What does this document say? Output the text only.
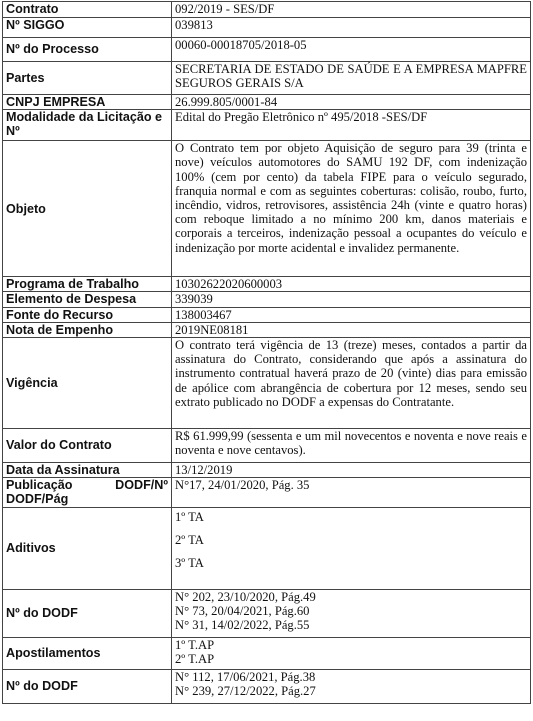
Contrato	092/2019 - SES/DF
Nº SIGGO	039813
Nº do Processo	00060-00018705/2018-05
Partes	SECRETARIA DE ESTADO DE SAÚDE E A EMPRESA MAPFRE SEGUROS GERAIS S/A
CNPJ EMPRESA	26.999.805/0001-84
Modalidade da Licitação e Nº	Edital do Pregão Eletrônico nº 495/2018 -SES/DF
Objeto	O Contrato tem por objeto Aquisição de seguro para 39 (trinta e nove) veículos automotores do SAMU 192 DF, com indenização 100% (cem por cento) da tabela FIPE para o veículo segurado, franquia normal e com as seguintes coberturas: colisão, roubo, furto, incêndio, vidros, retrovisores, assistência 24h (vinte e quatro horas) com reboque limitado a no mínimo 200 km, danos materiais e corporais a terceiros, indenização pessoal a ocupantes do veículo e indenização por morte acidental e invalidez permanente.
Programa de Trabalho	10302622020600003
Elemento de Despesa	339039
Fonte do Recurso	138003467
Nota de Empenho	2019NE08181
Vigência	O contrato terá vigência de 13 (treze) meses, contados a partir da assinatura do Contrato, considerando que após a assinatura do instrumento contratual haverá prazo de 20 (vinte) dias para emissão de apólice com abrangência de cobertura por 12 meses, sendo seu extrato publicado no DODF a expensas do Contratante.
Valor do Contrato	R$ 61.999,99 (sessenta e um mil novecentos e noventa e nove reais e noventa e nove centavos).
Data da Assinatura	13/12/2019

Publicação DODF/Nº
DODF/Pág	N°17, 24/01/2020, Pág. 35
Aditivos	1º TA
2º TA
3º TA

Nº do DODF	N° 202, 23/10/2020, Pág.49
N° 73, 20/04/2021, Pág.60
N° 31, 14/02/2022, Pág.55

Apostilamentos	1º T.AP
2º T.AP

Nº do DODF	N° 112, 17/06/2021, Pág.38
N° 239, 27/12/2022, Pág.27
